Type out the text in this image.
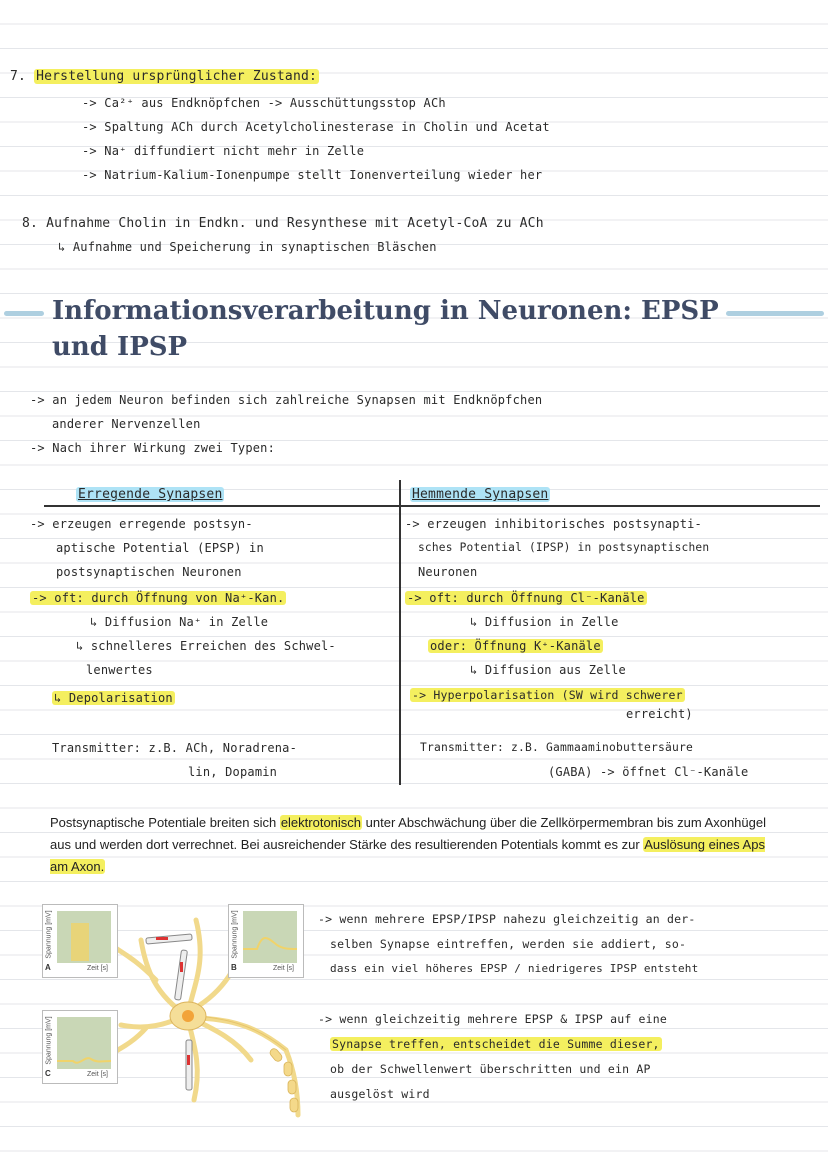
7. Herstellung ursprünglicher Zustand:
-> Ca²⁺ aus Endknöpfchen -> Ausschüttungsstop ACh
-> Spaltung ACh durch Acetylcholinesterase in Cholin und Acetat
-> Na⁺ diffundiert nicht mehr in Zelle
-> Natrium-Kalium-Ionenpumpe stellt Ionenverteilung wieder her
8. Aufnahme Cholin in Endkn. und Resynthese mit Acetyl-CoA zu ACh
↳ Aufnahme und Speicherung in synaptischen Bläschen
Informationsverarbeitung in Neuronen: EPSP und IPSP
-> an jedem Neuron befinden sich zahlreiche Synapsen mit Endknöpfchen
anderer Nervenzellen
-> Nach ihrer Wirkung zwei Typen:
Erregende Synapsen	Hemmende Synapsen
-> erzeugen erregende postsyn-
aptische Potential (EPSP) in
postsynaptischen Neuronen
-> oft: durch Öffnung von Na⁺-Kan.
↳ Diffusion Na⁺ in Zelle
↳ schnelleres Erreichen des Schwel-
lenwertes
↳ Depolarisation
Transmitter: z.B. ACh, Noradrena-
lin, Dopamin
-> erzeugen inhibitorisches postsynapti-
sches Potential (IPSP) in postsynaptischen
Neuronen
-> oft: durch Öffnung Cl⁻-Kanäle
↳ Diffusion in Zelle
oder: Öffnung K⁺-Kanäle
↳ Diffusion aus Zelle
-> Hyperpolarisation (SW wird schwerer
erreicht)
Transmitter: z.B. Gammaaminobuttersäure
(GABA) -> öffnet Cl⁻-Kanäle
Postsynaptische Potentiale breiten sich elektrotonisch unter Abschwächung über die Zellkörpermembran bis zum Axonhügel aus und werden dort verrechnet. Bei ausreichender Stärke des resultierenden Potentials kommt es zur Auslösung eines Aps am Axon.
Spannung [mV]
Zeit [s]
A
Spannung [mV]
Zeit [s]
B
Spannung [mV]
Zeit [s]
C
-> wenn mehrere EPSP/IPSP nahezu gleichzeitig an der-
selben Synapse eintreffen, werden sie addiert, so-
dass ein viel höheres EPSP / niedrigeres IPSP entsteht
-> wenn gleichzeitig mehrere EPSP & IPSP auf eine
Synapse treffen, entscheidet die Summe dieser,
ob der Schwellenwert überschritten und ein AP
ausgelöst wird
